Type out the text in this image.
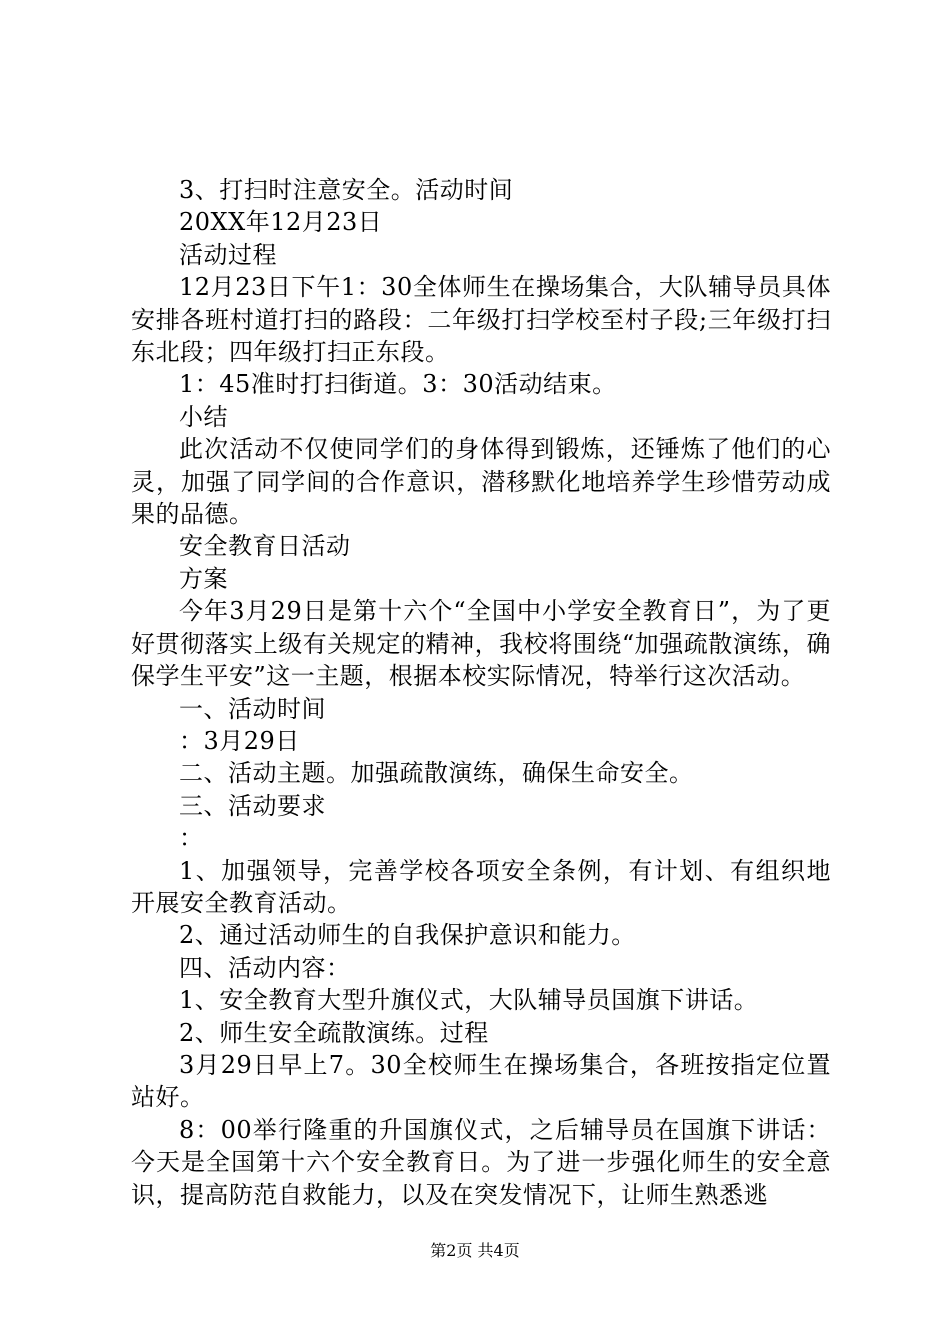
3、打扫时注意安全。活动时间

20XX年12月23日

活动过程

12月23日下午1：30全体师生在操场集合，大队辅导员具体安排各班村道打扫的路段：二年级打扫学校至村子段;三年级打扫东北段；四年级打扫正东段。

1：45准时打扫街道。3：30活动结束。

小结

此次活动不仅使同学们的身体得到锻炼，还锤炼了他们的心灵，加强了同学间的合作意识，潜移默化地培养学生珍惜劳动成果的品德。

安全教育日活动

方案

今年3月29日是第十六个“全国中小学安全教育日”，为了更好贯彻落实上级有关规定的精神，我校将围绕“加强疏散演练，确保学生平安”这一主题，根据本校实际情况，特举行这次活动。

一、活动时间

：3月29日

二、活动主题。加强疏散演练，确保生命安全。

三、活动要求

：

1、加强领导，完善学校各项安全条例，有计划、有组织地开展安全教育活动。

2、通过活动师生的自我保护意识和能力。

四、活动内容：

1、安全教育大型升旗仪式，大队辅导员国旗下讲话。

2、师生安全疏散演练。过程

3月29日早上7。30全校师生在操场集合，各班按指定位置站好。

8：00举行隆重的升国旗仪式，之后辅导员在国旗下讲话：今天是全国第十六个安全教育日。为了进一步强化师生的安全意识，提高防范自救能力，以及在突发情况下，让师生熟悉逃

第2页 共4页
